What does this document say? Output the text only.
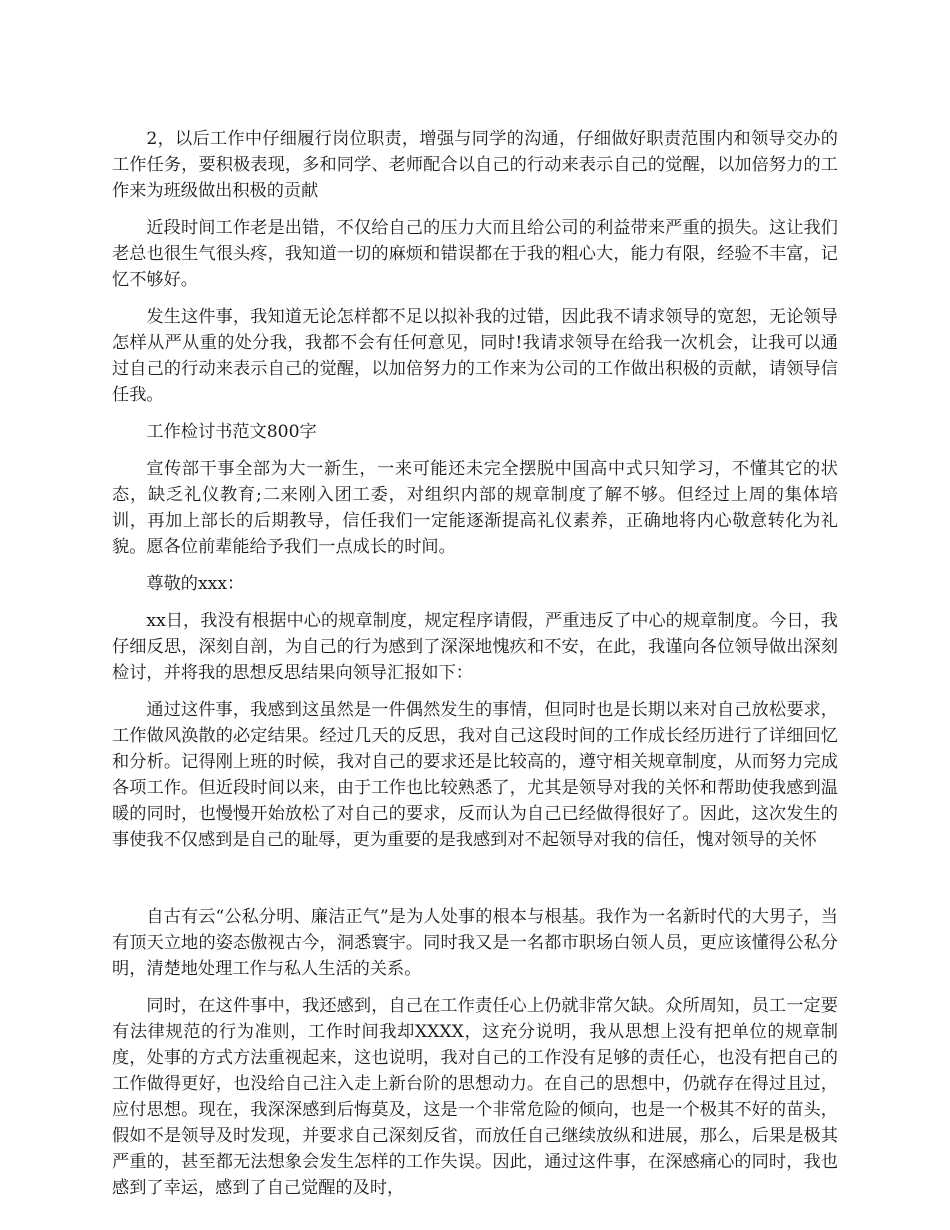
2，以后工作中仔细履行岗位职责，增强与同学的沟通，仔细做好职责范围内和领导交办的工作任务，要积极表现，多和同学、老师配合以自己的行动来表示自己的觉醒，以加倍努力的工作来为班级做出积极的贡献

近段时间工作老是出错，不仅给自己的压力大而且给公司的利益带来严重的损失。这让我们老总也很生气很头疼，我知道一切的麻烦和错误都在于我的粗心大，能力有限，经验不丰富，记忆不够好。

发生这件事，我知道无论怎样都不足以拟补我的过错，因此我不请求领导的宽恕，无论领导怎样从严从重的处分我，我都不会有任何意见，同时!我请求领导在给我一次机会，让我可以通过自己的行动来表示自己的觉醒，以加倍努力的工作来为公司的工作做出积极的贡献，请领导信任我。

工作检讨书范文800字

宣传部干事全部为大一新生，一来可能还未完全摆脱中国高中式只知学习，不懂其它的状态，缺乏礼仪教育;二来刚入团工委，对组织内部的规章制度了解不够。但经过上周的集体培训，再加上部长的后期教导，信任我们一定能逐渐提高礼仪素养，正确地将内心敬意转化为礼貌。愿各位前辈能给予我们一点成长的时间。

尊敬的xxx：

xx日，我没有根据中心的规章制度，规定程序请假，严重违反了中心的规章制度。今日，我仔细反思，深刻自剖，为自己的行为感到了深深地愧疚和不安，在此，我谨向各位领导做出深刻检讨，并将我的思想反思结果向领导汇报如下：

通过这件事，我感到这虽然是一件偶然发生的事情，但同时也是长期以来对自己放松要求，工作做风涣散的必定结果。经过几天的反思，我对自己这段时间的工作成长经历进行了详细回忆和分析。记得刚上班的时候，我对自己的要求还是比较高的，遵守相关规章制度，从而努力完成各项工作。但近段时间以来，由于工作也比较熟悉了，尤其是领导对我的关怀和帮助使我感到温暖的同时，也慢慢开始放松了对自己的要求，反而认为自己已经做得很好了。因此，这次发生的事使我不仅感到是自己的耻辱，更为重要的是我感到对不起领导对我的信任，愧对领导的关怀

自古有云“公私分明、廉洁正气”是为人处事的根本与根基。我作为一名新时代的大男子，当有顶天立地的姿态傲视古今，洞悉寰宇。同时我又是一名都市职场白领人员，更应该懂得公私分明，清楚地处理工作与私人生活的关系。

同时，在这件事中，我还感到，自己在工作责任心上仍就非常欠缺。众所周知，员工一定要有法律规范的行为准则，工作时间我却XXXX，这充分说明，我从思想上没有把单位的规章制度，处事的方式方法重视起来，这也说明，我对自己的工作没有足够的责任心，也没有把自己的工作做得更好，也没给自己注入走上新台阶的思想动力。在自己的思想中，仍就存在得过且过，应付思想。现在，我深深感到后悔莫及，这是一个非常危险的倾向，也是一个极其不好的苗头，假如不是领导及时发现，并要求自己深刻反省，而放任自己继续放纵和进展，那么，后果是极其严重的，甚至都无法想象会发生怎样的工作失误。因此，通过这件事，在深感痛心的同时，我也感到了幸运，感到了自己觉醒的及时，
